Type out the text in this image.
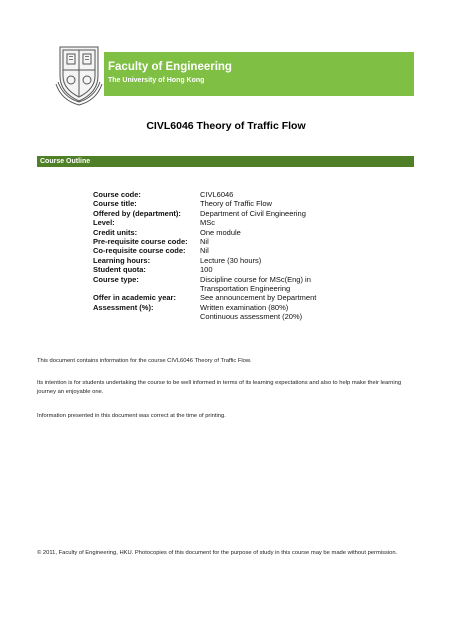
Faculty of Engineering
The University of Hong Kong
CIVL6046 Theory of Traffic Flow
Course Outline
Course code:	CIVL6046
Course title:	Theory of Traffic Flow
Offered by (department):	Department of Civil Engineering
Level:	MSc
Credit units:	One module
Pre-requisite course code:	Nil
Co-requisite course code:	Nil
Learning hours:	Lecture (30 hours)
Student quota:	100
Course type:	Discipline course for MSc(Eng) in
Transportation Engineering
Offer in academic year:	See announcement by Department
Assessment (%):	Written examination (80%)
Continuous assessment (20%)
This document contains information for the course CIVL6046 Theory of Traffic Flow.
Its intention is for students undertaking the course to be well informed in terms of its learning expectations and also to help make their learning journey an enjoyable one.
Information presented in this document was correct at the time of printing.
© 2011, Faculty of Engineering, HKU. Photocopies of this document for the purpose of study in this course may be made without permission.
